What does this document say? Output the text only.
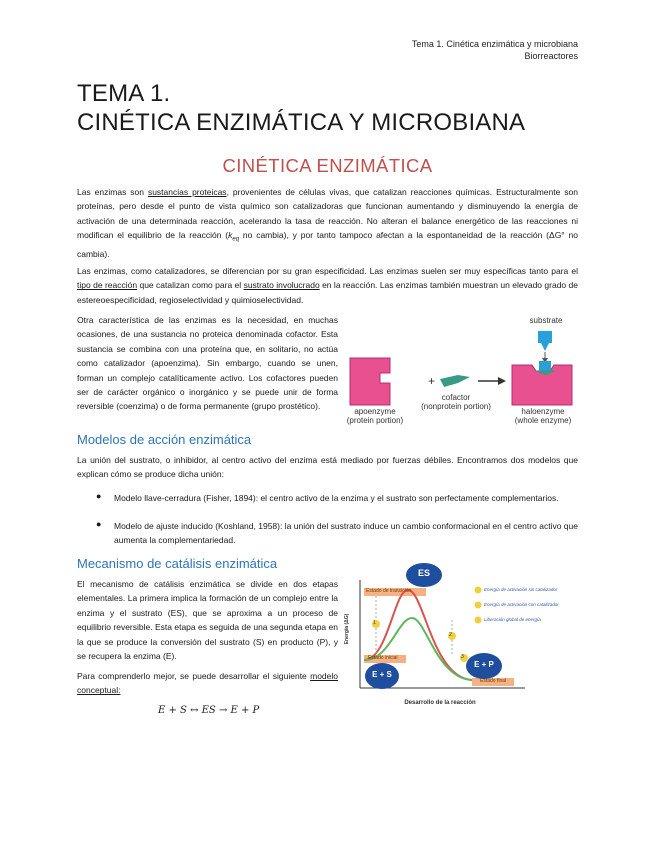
Tema 1. Cinética enzimática y microbiana
Biorreactores
TEMA 1.
CINÉTICA ENZIMÁTICA Y MICROBIANA
CINÉTICA ENZIMÁTICA
Las enzimas son sustancias proteicas, provenientes de células vivas, que catalizan reacciones químicas. Estructuralmente son proteínas, pero desde el punto de vista químico son catalizadoras que funcionan aumentando y disminuyendo la energía de activación de una determinada reacción, acelerando la tasa de reacción. No alteran el balance energético de las reacciones ni modifican el equilibrio de la reacción ($k_{eq}$ no cambia), y por tanto tampoco afectan a la espontaneidad de la reacción (ΔG° no cambia).
Las enzimas, como catalizadores, se diferencian por su gran especificidad. Las enzimas suelen ser muy específicas tanto para el tipo de reacción que catalizan como para el sustrato involucrado en la reacción. Las enzimas también muestran un elevado grado de estereoespecificidad, regioselectividad y quimioselectividad.
Otra característica de las enzimas es la necesidad, en muchas ocasiones, de una sustancia no proteica denominada cofactor. Esta sustancia se combina con una proteína que, en solitario, no actúa como catalizador (apoenzima). Sin embargo, cuando se unen, forman un complejo catalíticamente activo. Los cofactores pueden ser de carácter orgánico o inorgánico y se puede unir de forma reversible (coenzima) o de forma permanente (grupo prostético).
+
apoenzyme
(protein portion)
cofactor
(nonprotein portion)
haloenzyme
(whole enzyme)
substrate
Modelos de acción enzimática
La unión del sustrato, o inhibidor, al centro activo del enzima está mediado por fuerzas débiles. Encontramos dos modelos que explican cómo se produce dicha unión:
● Modelo llave-cerradura (Fisher, 1894): el centro activo de la enzima y el sustrato son perfectamente complementarios.
● Modelo de ajuste inducido (Koshland, 1958): la unión del sustrato induce un cambio conformacional en el centro activo que aumenta la complementariedad.
Mecanismo de catálisis enzimática
El mecanismo de catálisis enzimática se divide en dos etapas elementales. La primera implica la formación de un complejo entre la enzima y el sustrato (ES), que se aproxima a un proceso de equilibrio reversible. Esta etapa es seguida de una segunda etapa en la que se produce la conversión del sustrato (S) en producto (P), y se recupera la enzima (E).
Para comprenderlo mejor, se puede desarrollar el siguiente modelo conceptual:
E + S ↔ ES → E + P
ES
Estado de transición
Estado inicial
Estado final
E + S
E + P
1
2
3
Energía de activación sin catalizador
Energía de activación con catalizador
Liberación global de energía
Desarrollo de la reacción
Energía (ΔG)
